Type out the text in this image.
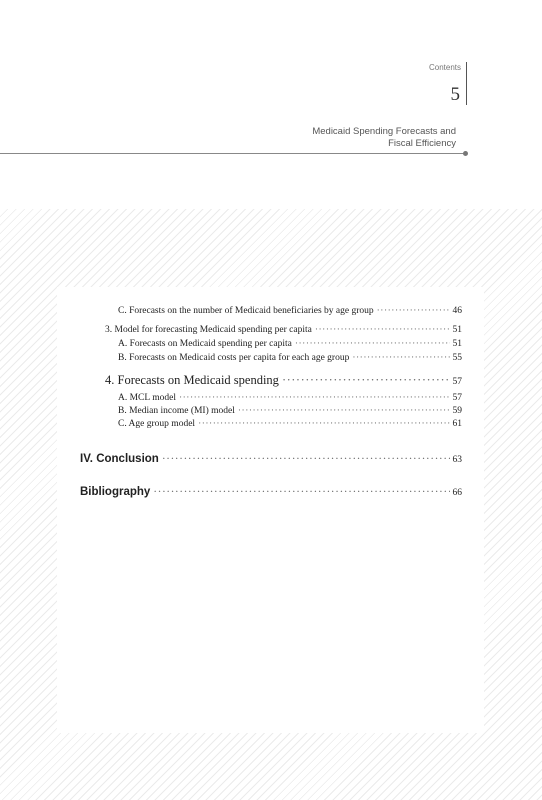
Contents
5
Medicaid Spending Forecasts and
Fiscal Efficiency
C. Forecasts on the number of Medicaid beneficiaries by age group ·····	46
3. Model for forecasting Medicaid spending per capita ·····	51
A. Forecasts on Medicaid spending per capita ·····	51
B. Forecasts on Medicaid costs per capita for each age group ·····	55
4. Forecasts on Medicaid spending ·····	57
A. MCL model ·····	57
B. Median income (MI) model ·····	59
C. Age group model ·····	61
IV. Conclusion ·····	63
Bibliography ·····	66
